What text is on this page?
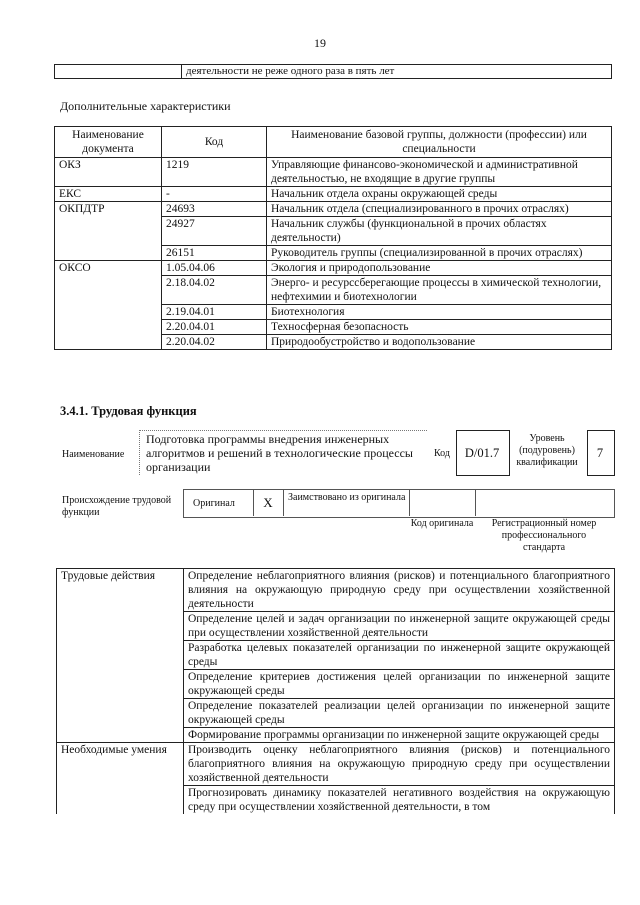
19
	деятельности не реже одного раза в пять лет
Дополнительные характеристики
Наименование документа	Код	Наименование базовой группы, должности (профессии) или специальности
ОКЗ	1219	Управляющие финансово-экономической и административной деятельностью, не входящие в другие группы
ЕКС	-	Начальник отдела охраны окружающей среды
ОКПДТР	24693	Начальник отдела (специализированного в прочих отраслях)
	24927	Начальник службы (функциональной в прочих областях деятельности)
	26151	Руководитель группы (специализированной в прочих отраслях)
ОКСО	1.05.04.06	Экология и природопользование
	2.18.04.02	Энерго- и ресурссберегающие процессы в химической технологии, нефтехимии и биотехнологии
	2.19.04.01	Биотехнология
	2.20.04.01	Техносферная безопасность
	2.20.04.02	Природообустройство и водопользование
3.4.1. Трудовая функция
Наименование
Подготовка программы внедрения инженерных алгоритмов и решений в технологические процессы организации
Код	D/01.7
Уровень (подуровень) квалификации
7
Происхождение трудовой функции
Оригинал	X	Заимствовано из оригинала
Код оригинала	Регистрационный номер профессионального стандарта
Трудовые действия	Определение неблагоприятного влияния (рисков) и потенциального благоприятного влияния на окружающую природную среду при осуществлении хозяйственной деятельности
	Определение целей и задач организации по инженерной защите окружающей среды при осуществлении хозяйственной деятельности
	Разработка целевых показателей организации по инженерной защите окружающей среды
	Определение критериев достижения целей организации по инженерной защите окружающей среды
	Определение показателей реализации целей организации по инженерной защите окружающей среды
	Формирование программы организации по инженерной защите окружающей среды
Необходимые умения	Производить оценку неблагоприятного влияния (рисков) и потенциального благоприятного влияния на окружающую природную среду при осуществлении хозяйственной деятельности
	Прогнозировать динамику показателей негативного воздействия на окружающую среду при осуществлении хозяйственной деятельности, в том
